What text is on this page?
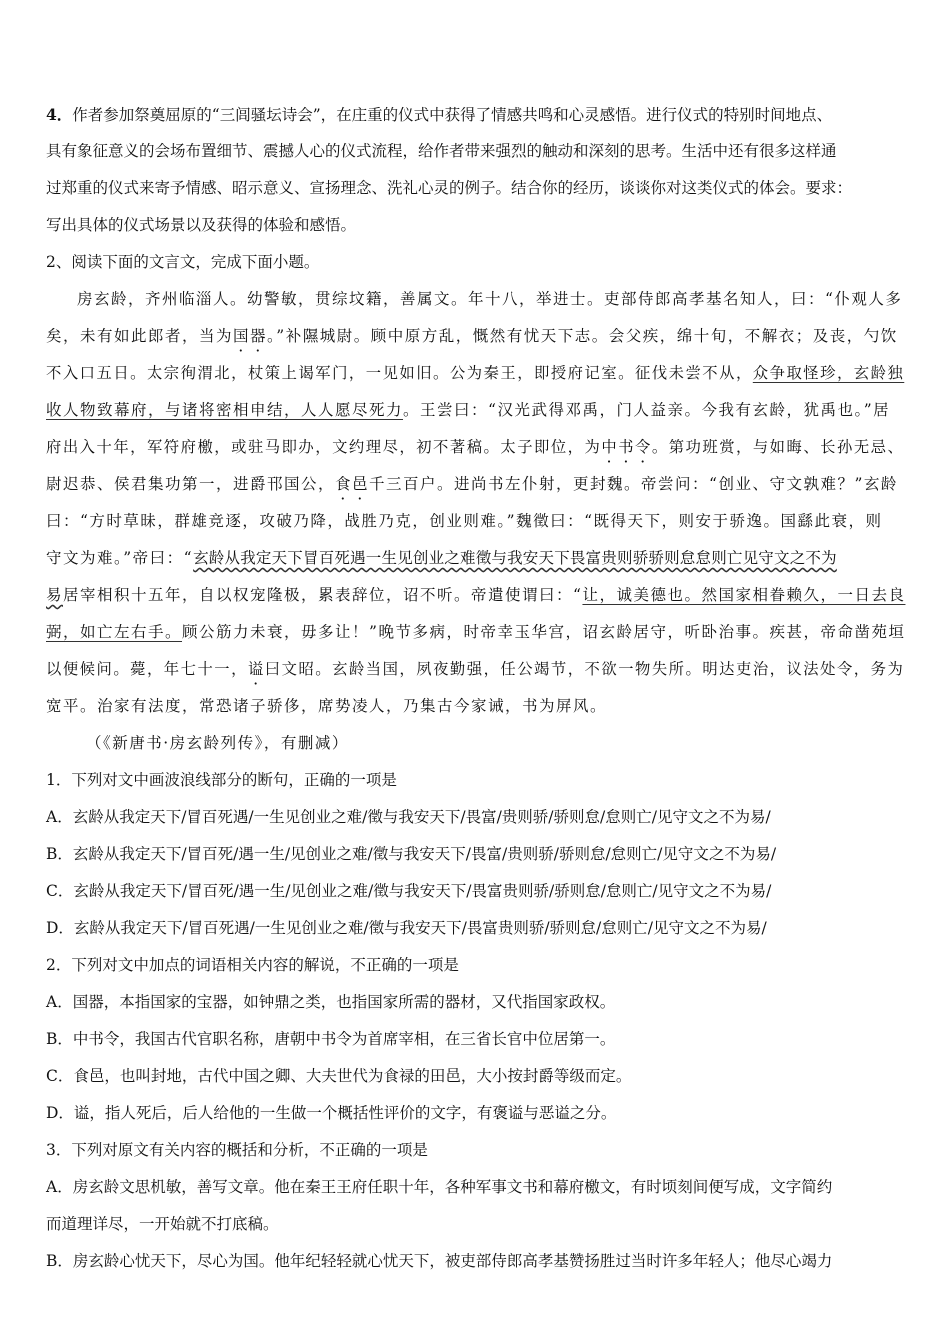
4．作者参加祭奠屈原的“三闾骚坛诗会”，在庄重的仪式中获得了情感共鸣和心灵感悟。进行仪式的特别时间地点、
具有象征意义的会场布置细节、震撼人心的仪式流程，给作者带来强烈的触动和深刻的思考。生活中还有很多这样通
过郑重的仪式来寄予情感、昭示意义、宣扬理念、洗礼心灵的例子。结合你的经历，谈谈你对这类仪式的体会。要求：
写出具体的仪式场景以及获得的体验和感悟。
2、阅读下面的文言文，完成下面小题。
房玄龄，齐州临淄人。幼警敏，贯综坟籍，善属文。年十八，举进士。吏部侍郎高孝基名知人，曰：“仆观人多
矣，未有如此郎者，当为国器。”补隰城尉。顾中原方乱，慨然有忧天下志。会父疾，绵十旬，不解衣；及丧，勺饮
不入口五日。太宗徇渭北，杖策上谒军门，一见如旧。公为秦王，即授府记室。征伐未尝不从，众争取怪珍，玄龄独
收人物致幕府，与诸将密相申结，人人愿尽死力。王尝曰：“汉光武得邓禹，门人益亲。今我有玄龄，犹禹也。”居
府出入十年，军符府檄，或驻马即办，文约理尽，初不著稿。太子即位，为中书令。第功班赏，与如晦、长孙无忌、
尉迟恭、侯君集功第一，进爵邗国公，食邑千三百户。进尚书左仆射，更封魏。帝尝问：“创业、守文孰难？”玄龄
曰：“方时草昧，群雄竞逐，攻破乃降，战胜乃克，创业则难。”魏徵曰：“既得天下，则安于骄逸。国繇此衰，则
守文为难。”帝曰：“玄龄从我定天下冒百死遇一生见创业之难徵与我安天下畏富贵则骄骄则怠怠则亡见守文之不为
易居宰相积十五年，自以权宠隆极，累表辞位，诏不听。帝遣使谓曰：“让，诚美德也。然国家相眷赖久，一日去良
弼，如亡左右手。顾公筋力未衰，毋多让！”晚节多病，时帝幸玉华宫，诏玄龄居守，听卧治事。疾甚，帝命凿苑垣
以便候问。薨，年七十一，谥曰文昭。玄龄当国，夙夜勤强，任公竭节，不欲一物失所。明达吏治，议法处令，务为
宽平。治家有法度，常恐诸子骄侈，席势凌人，乃集古今家诫，书为屏风。
（《新唐书·房玄龄列传》，有删减）
1．下列对文中画波浪线部分的断句，正确的一项是
A．玄龄从我定天下/冒百死遇/一生见创业之难/徵与我安天下/畏富/贵则骄/骄则怠/怠则亡/见守文之不为易/
B．玄龄从我定天下/冒百死/遇一生/见创业之难/徵与我安天下/畏富/贵则骄/骄则怠/怠则亡/见守文之不为易/
C．玄龄从我定天下/冒百死/遇一生/见创业之难/徵与我安天下/畏富贵则骄/骄则怠/怠则亡/见守文之不为易/
D．玄龄从我定天下/冒百死遇/一生见创业之难/徵与我安天下/畏富贵则骄/骄则怠/怠则亡/见守文之不为易/
2．下列对文中加点的词语相关内容的解说，不正确的一项是
A．国器，本指国家的宝器，如钟鼎之类，也指国家所需的器材，又代指国家政权。
B．中书令，我国古代官职名称，唐朝中书令为首席宰相，在三省长官中位居第一。
C．食邑，也叫封地，古代中国之卿、大夫世代为食禄的田邑，大小按封爵等级而定。
D．谥，指人死后，后人给他的一生做一个概括性评价的文字，有褒谥与恶谥之分。
3．下列对原文有关内容的概括和分析，不正确的一项是
A．房玄龄文思机敏，善写文章。他在秦王王府任职十年，各种军事文书和幕府檄文，有时顷刻间便写成，文字简约
而道理详尽，一开始就不打底稿。
B．房玄龄心忧天下，尽心为国。他年纪轻轻就心忧天下，被吏部侍郎高孝基赞扬胜过当时许多年轻人；他尽心竭力
